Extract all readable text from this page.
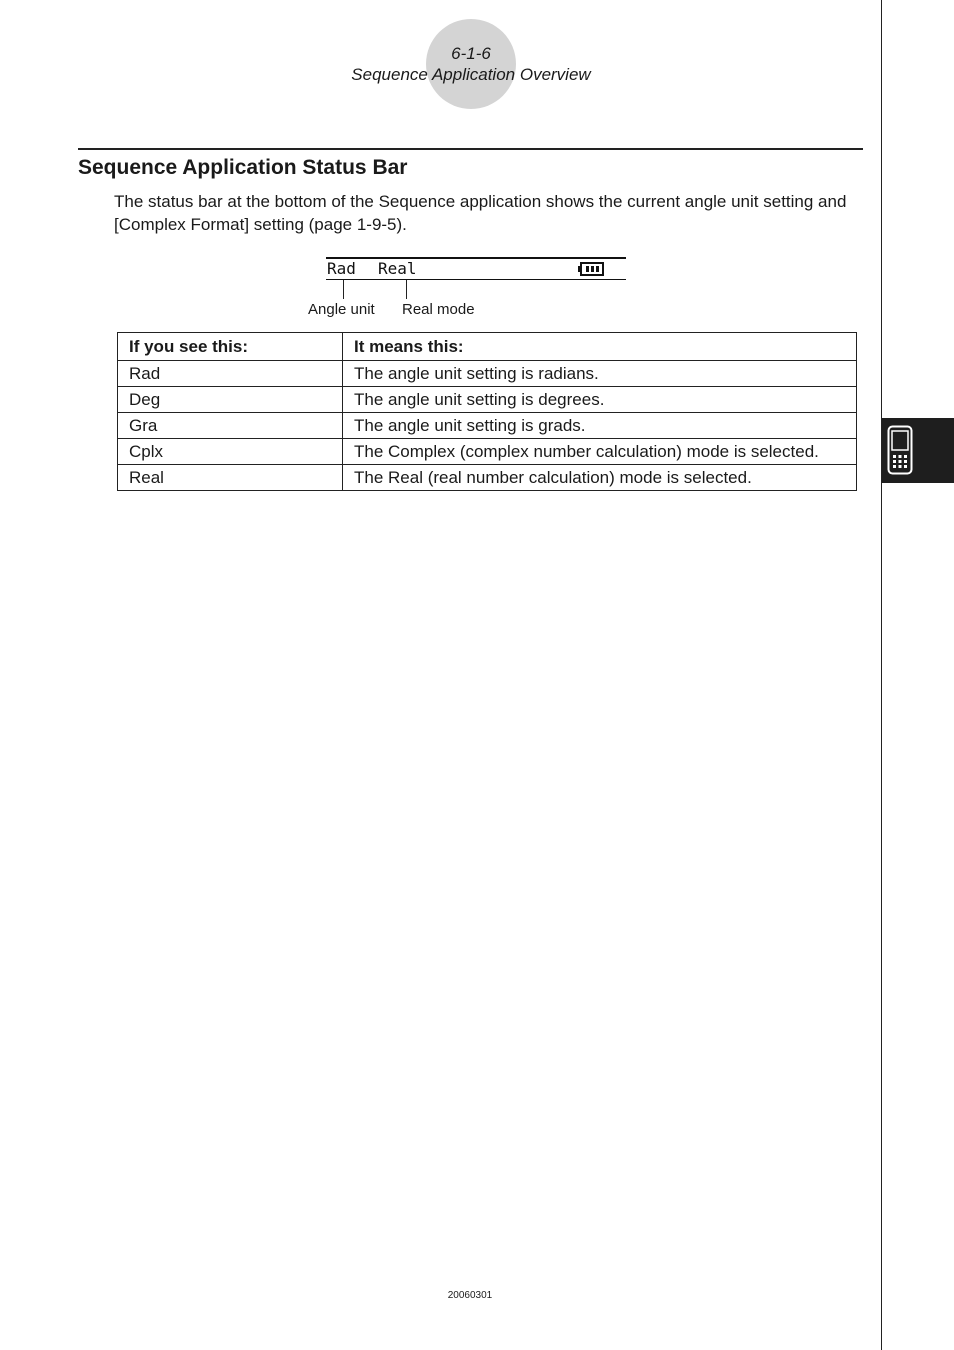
6-1-6
Sequence Application Overview
Sequence Application Status Bar
The status bar at the bottom of the Sequence application shows the current angle unit setting and [Complex Format] setting (page 1-9-5).
Rad Real
Angle unit Real mode
If you see this:	It means this:
Rad	The angle unit setting is radians.
Deg	The angle unit setting is degrees.
Gra	The angle unit setting is grads.
Cplx	The Complex (complex number calculation) mode is selected.
Real	The Real (real number calculation) mode is selected.
20060301
